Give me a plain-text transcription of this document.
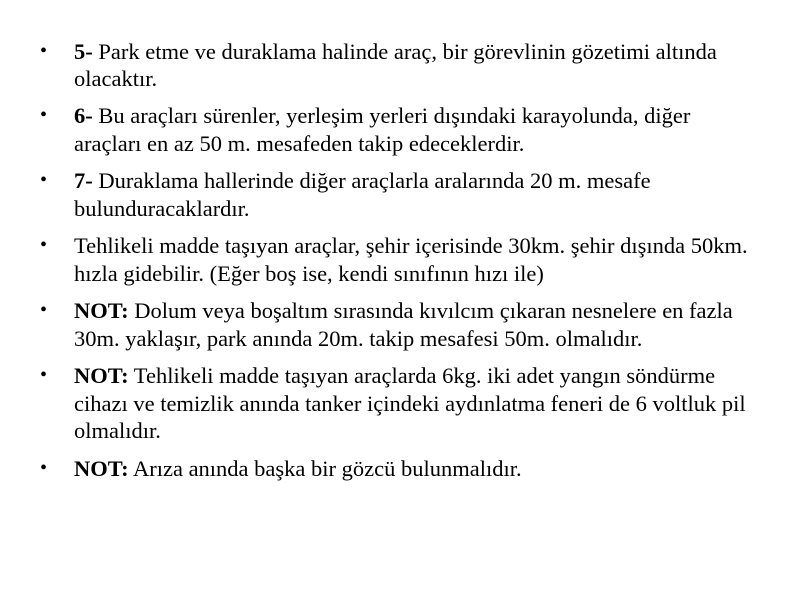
• 5- Park etme ve duraklama halinde araç, bir görevlinin gözetimi altında olacaktır.
• 6- Bu araçları sürenler, yerleşim yerleri dışındaki karayolunda, diğer araçları en az 50 m. mesafeden takip edeceklerdir.
• 7- Duraklama hallerinde diğer araçlarla aralarında 20 m. mesafe bulunduracaklardır.
• Tehlikeli madde taşıyan araçlar, şehir içerisinde 30km. şehir dışında 50km. hızla gidebilir. (Eğer boş ise, kendi sınıfının hızı ile)
• NOT: Dolum veya boşaltım sırasında kıvılcım çıkaran nesnelere en fazla 30m. yaklaşır, park anında 20m. takip mesafesi 50m. olmalıdır.
• NOT: Tehlikeli madde taşıyan araçlarda 6kg. iki adet yangın söndürme cihazı ve temizlik anında tanker içindeki aydınlatma feneri de 6 voltluk pil olmalıdır.
• NOT: Arıza anında başka bir gözcü bulunmalıdır.
